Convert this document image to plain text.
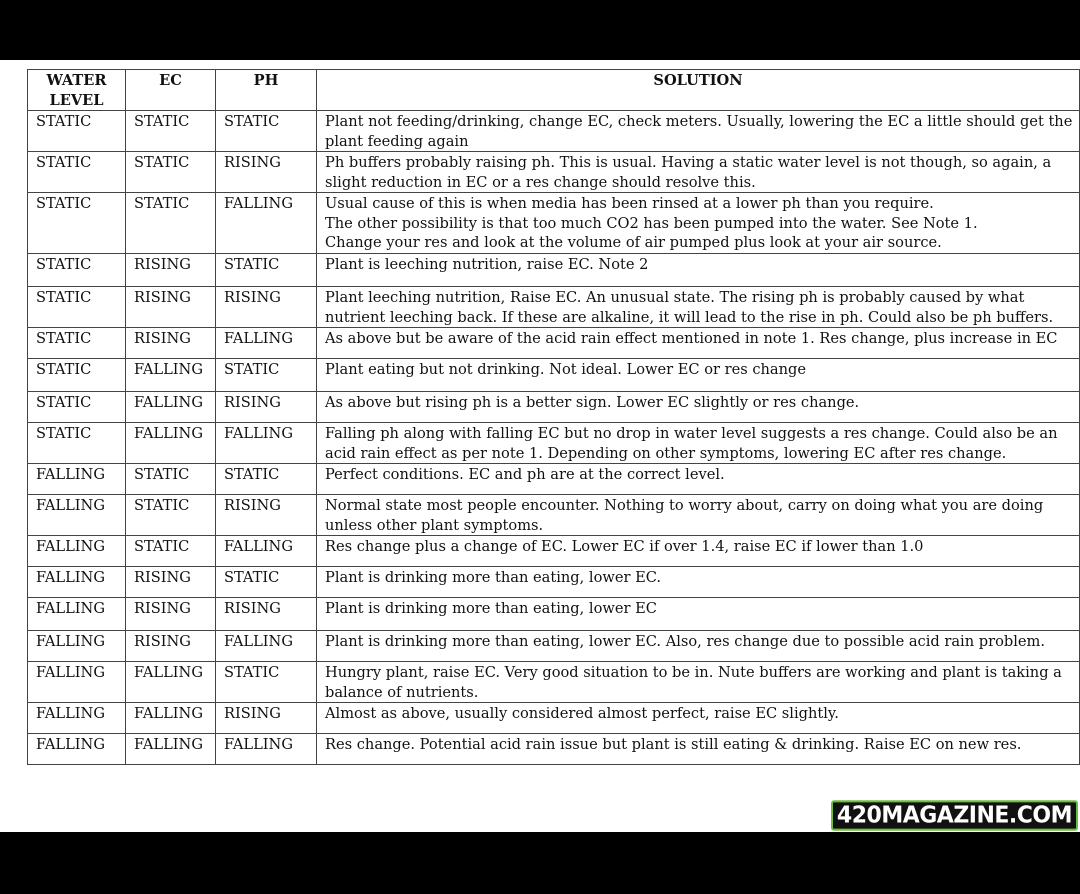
WATER
LEVEL	EC	PH	SOLUTION
STATIC	STATIC	STATIC	Plant not feeding/drinking, change EC, check meters. Usually, lowering the EC a little should get the plant feeding again
STATIC	STATIC	RISING	Ph buffers probably raising ph. This is usual. Having a static water level is not though, so again, a slight reduction in EC or a res change should resolve this.
STATIC	STATIC	FALLING	Usual cause of this is when media has been rinsed at a lower ph than you require.
The other possibility is that too much CO2 has been pumped into the water. See Note 1.
Change your res and look at the volume of air pumped plus look at your air source.
STATIC	RISING	STATIC	Plant is leeching nutrition, raise EC. Note 2
STATIC	RISING	RISING	Plant leeching nutrition, Raise EC. An unusual state. The rising ph is probably caused by what nutrient leeching back. If these are alkaline, it will lead to the rise in ph. Could also be ph buffers.
STATIC	RISING	FALLING	As above but be aware of the acid rain effect mentioned in note 1. Res change, plus increase in EC
STATIC	FALLING	STATIC	Plant eating but not drinking. Not ideal. Lower EC or res change
STATIC	FALLING	RISING	As above but rising ph is a better sign. Lower EC slightly or res change.
STATIC	FALLING	FALLING	Falling ph along with falling EC but no drop in water level suggests a res change. Could also be an acid rain effect as per note 1. Depending on other symptoms, lowering EC after res change.
FALLING	STATIC	STATIC	Perfect conditions. EC and ph are at the correct level.
FALLING	STATIC	RISING	Normal state most people encounter. Nothing to worry about, carry on doing what you are doing unless other plant symptoms.
FALLING	STATIC	FALLING	Res change plus a change of EC. Lower EC if over 1.4, raise EC if lower than 1.0
FALLING	RISING	STATIC	Plant is drinking more than eating, lower EC.
FALLING	RISING	RISING	Plant is drinking more than eating, lower EC
FALLING	RISING	FALLING	Plant is drinking more than eating, lower EC. Also, res change due to possible acid rain problem.
FALLING	FALLING	STATIC	Hungry plant, raise EC. Very good situation to be in. Nute buffers are working and plant is taking a balance of nutrients.
FALLING	FALLING	RISING	Almost as above, usually considered almost perfect, raise EC slightly.
FALLING	FALLING	FALLING	Res change. Potential acid rain issue but plant is still eating & drinking. Raise EC on new res.
420MAGAZINE.COM
